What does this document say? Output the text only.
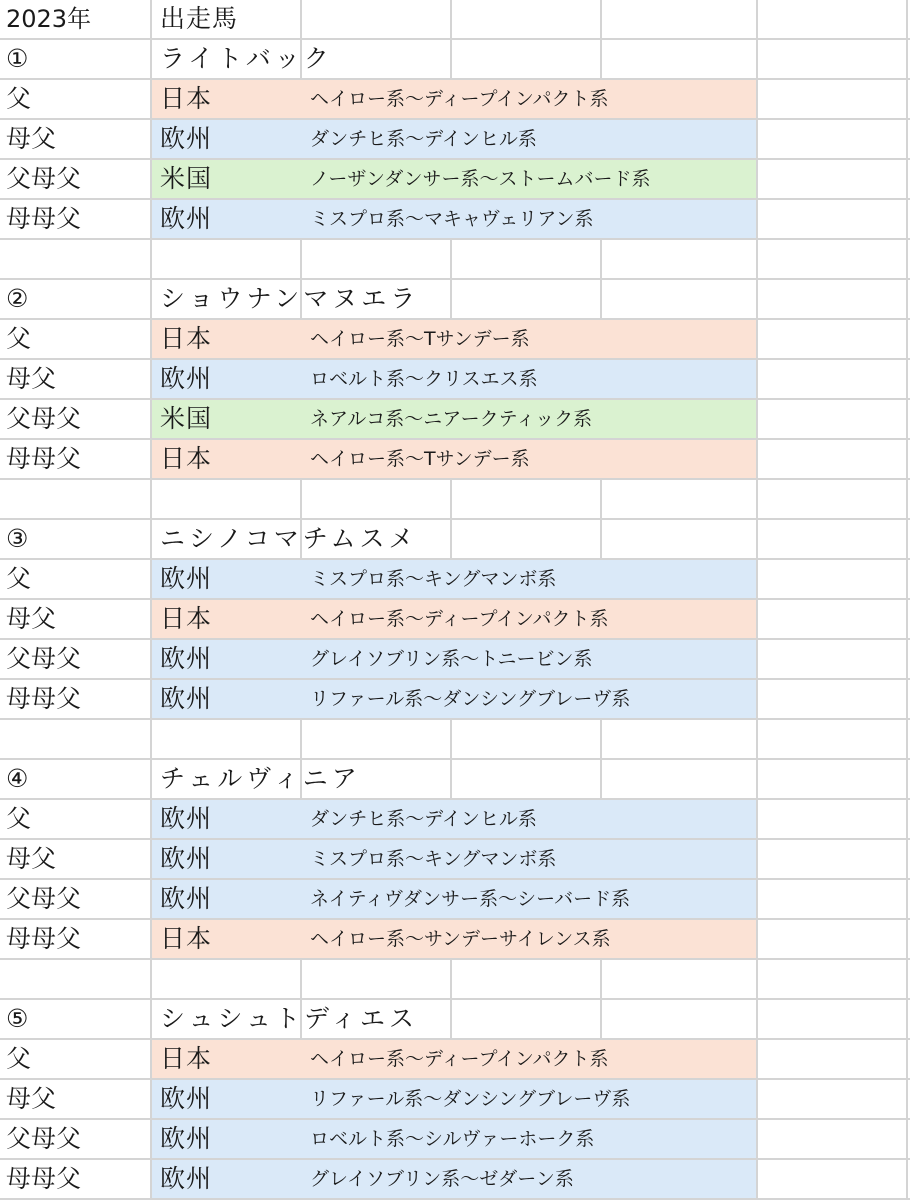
2023年	出走馬
①	ライトバック
父	日本	ヘイロー系～ディープインパクト系
母父	欧州	ダンチヒ系～デインヒル系
父母父	米国	ノーザンダンサー系～ストームバード系
母母父	欧州	ミスプロ系～マキャヴェリアン系
②	ショウナンマヌエラ
父	日本	ヘイロー系～Tサンデー系
母父	欧州	ロベルト系～クリスエス系
父母父	米国	ネアルコ系～ニアークティック系
母母父	日本	ヘイロー系～Tサンデー系
③	ニシノコマチムスメ
父	欧州	ミスプロ系～キングマンボ系
母父	日本	ヘイロー系～ディープインパクト系
父母父	欧州	グレイソブリン系～トニービン系
母母父	欧州	リファール系～ダンシングブレーヴ系
④	チェルヴィニア
父	欧州	ダンチヒ系～デインヒル系
母父	欧州	ミスプロ系～キングマンボ系
父母父	欧州	ネイティヴダンサー系～シーバード系
母母父	日本	ヘイロー系～サンデーサイレンス系
⑤	シュシュトディエス
父	日本	ヘイロー系～ディープインパクト系
母父	欧州	リファール系～ダンシングブレーヴ系
父母父	欧州	ロベルト系～シルヴァーホーク系
母母父	欧州	グレイソブリン系～ゼダーン系
